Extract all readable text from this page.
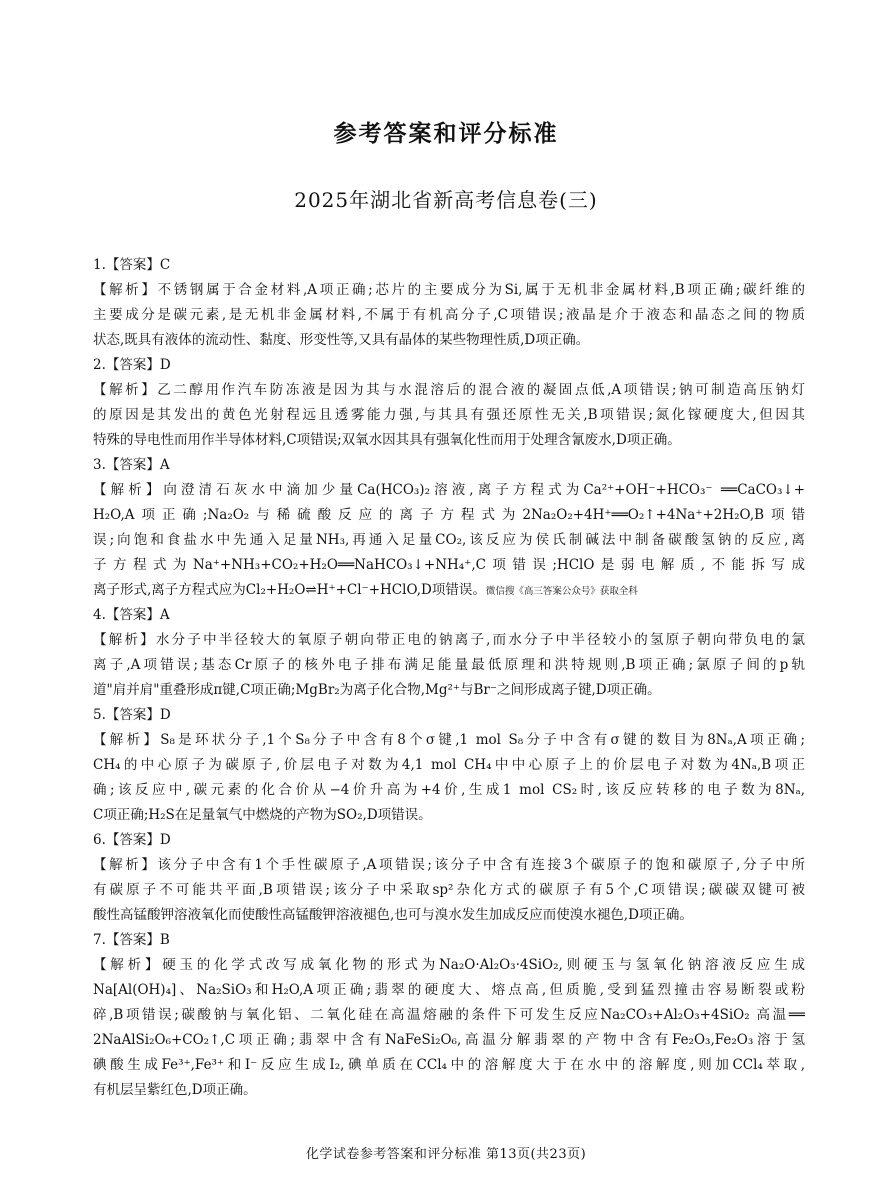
参考答案和评分标准
2025年湖北省新高考信息卷(三)
1.【答案】C
【解析】不锈钢属于合金材料,A项正确;芯片的主要成分为Si,属于无机非金属材料,B项正确;碳纤维的
主要成分是碳元素,是无机非金属材料,不属于有机高分子,C项错误;液晶是介于液态和晶态之间的物质
状态,既具有液体的流动性、黏度、形变性等,又具有晶体的某些物理性质,D项正确。
2.【答案】D
【解析】乙二醇用作汽车防冻液是因为其与水混溶后的混合液的凝固点低,A项错误;钠可制造高压钠灯
的原因是其发出的黄色光射程远且透雾能力强,与其具有强还原性无关,B项错误;氮化镓硬度大,但因其
特殊的导电性而用作半导体材料,C项错误;双氧水因其具有强氧化性而用于处理含氰废水,D项正确。
3.【答案】A
【解析】向澄清石灰水中滴加少量Ca(HCO₃)₂溶液,离子方程式为Ca²⁺+OH⁻+HCO₃⁻ ══CaCO₃↓+
H₂O,A项正确;Na₂O₂与稀硫酸反应的离子方程式为2Na₂O₂+4H⁺══O₂↑+4Na⁺+2H₂O,B项错
误;向饱和食盐水中先通入足量NH₃,再通入足量CO₂,该反应为侯氏制碱法中制备碳酸氢钠的反应,离
子方程式为Na⁺+NH₃+CO₂+H₂O══NaHCO₃↓+NH₄⁺,C项错误;HClO是弱电解质,不能拆写成
离子形式,离子方程式应为Cl₂+H₂O⇌H⁺+Cl⁻+HClO,D项错误。微信搜《高三答案公众号》获取全科
4.【答案】A
【解析】水分子中半径较大的氧原子朝向带正电的钠离子,而水分子中半径较小的氢原子朝向带负电的氯
离子,A项错误;基态Cr原子的核外电子排布满足能量最低原理和洪特规则,B项正确;氯原子间的p轨
道"肩并肩"重叠形成π键,C项正确;MgBr₂为离子化合物,Mg²⁺与Br⁻之间形成离子键,D项正确。
5.【答案】D
【解析】S₈是环状分子,1个S₈分子中含有8个σ键,1 mol S₈分子中含有σ键的数目为8Nₐ,A项正确;
CH₄的中心原子为碳原子,价层电子对数为4,1 mol CH₄中中心原子上的价层电子对数为4Nₐ,B项正
确;该反应中,碳元素的化合价从−4价升高为+4价,生成1 mol CS₂时,该反应转移的电子数为8Nₐ,
C项正确;H₂S在足量氧气中燃烧的产物为SO₂,D项错误。
6.【答案】D
【解析】该分子中含有1个手性碳原子,A项错误;该分子中含有连接3个碳原子的饱和碳原子,分子中所
有碳原子不可能共平面,B项错误;该分子中采取sp²杂化方式的碳原子有5个,C项错误;碳碳双键可被
酸性高锰酸钾溶液氧化而使酸性高锰酸钾溶液褪色,也可与溴水发生加成反应而使溴水褪色,D项正确。
7.【答案】B
【解析】硬玉的化学式改写成氧化物的形式为Na₂O·Al₂O₃·4SiO₂,则硬玉与氢氧化钠溶液反应生成
Na[Al(OH)₄]、Na₂SiO₃和H₂O,A项正确;翡翠的硬度大、熔点高,但质脆,受到猛烈撞击容易断裂或粉
碎,B项错误;碳酸钠与氧化铝、二氧化硅在高温熔融的条件下可发生反应Na₂CO₃+Al₂O₃+4SiO₂ 高温══
2NaAlSi₂O₆+CO₂↑,C项正确;翡翠中含有NaFeSi₂O₆,高温分解翡翠的产物中含有Fe₂O₃,Fe₂O₃溶于氢
碘酸生成Fe³⁺,Fe³⁺和I⁻反应生成I₂,碘单质在CCl₄中的溶解度大于在水中的溶解度,则加CCl₄萃取,
有机层呈紫红色,D项正确。
化学试卷参考答案和评分标准 第13页(共23页)
